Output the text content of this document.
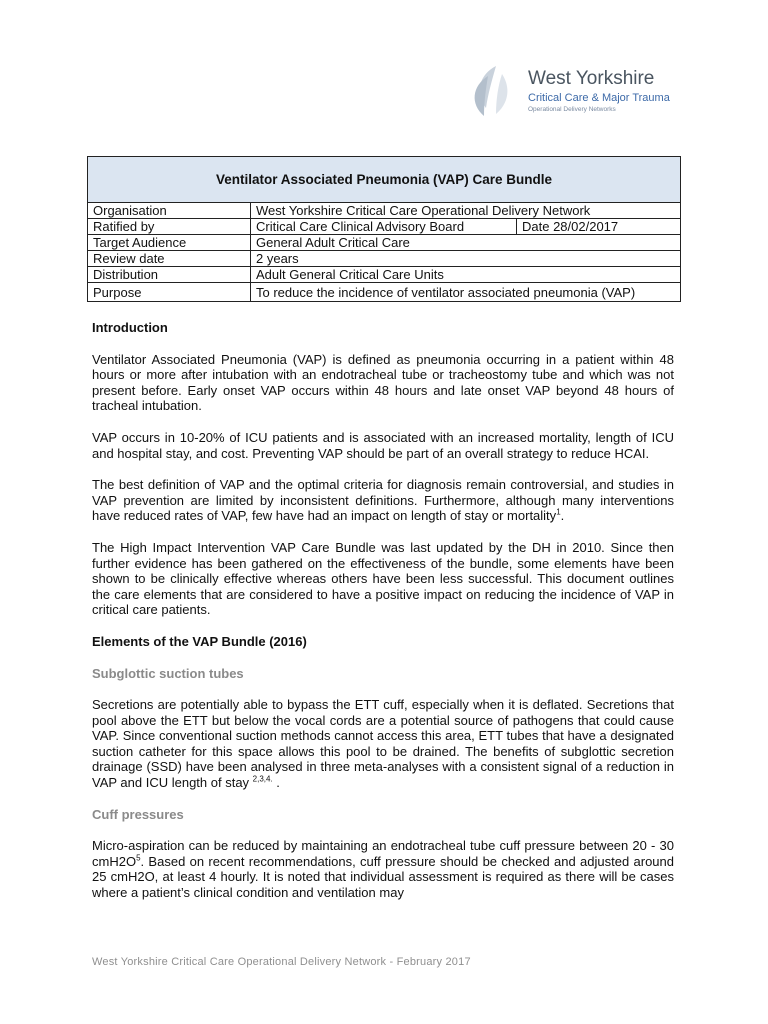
West Yorkshire
Critical Care & Major Trauma
Operational Delivery Networks
Ventilator Associated Pneumonia (VAP) Care Bundle		
Organisation	West Yorkshire Critical Care Operational Delivery Network	
Ratified by	Critical Care Clinical Advisory Board	Date 28/02/2017
Target Audience	General Adult Critical Care	
Review date	2 years	
Distribution	Adult General Critical Care Units	
Purpose	To reduce the incidence of ventilator associated pneumonia (VAP)	
Introduction

Ventilator Associated Pneumonia (VAP) is defined as pneumonia occurring in a patient within 48 hours or more after intubation with an endotracheal tube or tracheostomy tube and which was not present before. Early onset VAP occurs within 48 hours and late onset VAP beyond 48 hours of tracheal intubation.

VAP occurs in 10-20% of ICU patients and is associated with an increased mortality, length of ICU and hospital stay, and cost. Preventing VAP should be part of an overall strategy to reduce HCAI.

The best definition of VAP and the optimal criteria for diagnosis remain controversial, and studies in VAP prevention are limited by inconsistent definitions. Furthermore, although many interventions have reduced rates of VAP, few have had an impact on length of stay or mortality$^1$.

The High Impact Intervention VAP Care Bundle was last updated by the DH in 2010. Since then further evidence has been gathered on the effectiveness of the bundle, some elements have been shown to be clinically effective whereas others have been less successful. This document outlines the care elements that are considered to have a positive impact on reducing the incidence of VAP in critical care patients.

Elements of the VAP Bundle (2016)
Subglottic suction tubes

Secretions are potentially able to bypass the ETT cuff, especially when it is deflated. Secretions that pool above the ETT but below the vocal cords are a potential source of pathogens that could cause VAP. Since conventional suction methods cannot access this area, ETT tubes that have a designated suction catheter for this space allows this pool to be drained. The benefits of subglottic secretion drainage (SSD) have been analysed in three meta-analyses with a consistent signal of a reduction in VAP and ICU length of stay $^{2,3,4.}$ .

Cuff pressures

Micro-aspiration can be reduced by maintaining an endotracheal tube cuff pressure between 20 - 30 $cmH2O^5$. Based on recent recommendations, cuff pressure should be checked and adjusted around 25 cmH2O, at least 4 hourly. It is noted that individual assessment is required as there will be cases where a patient’s clinical condition and ventilation may

West Yorkshire Critical Care Operational Delivery Network - February 2017
